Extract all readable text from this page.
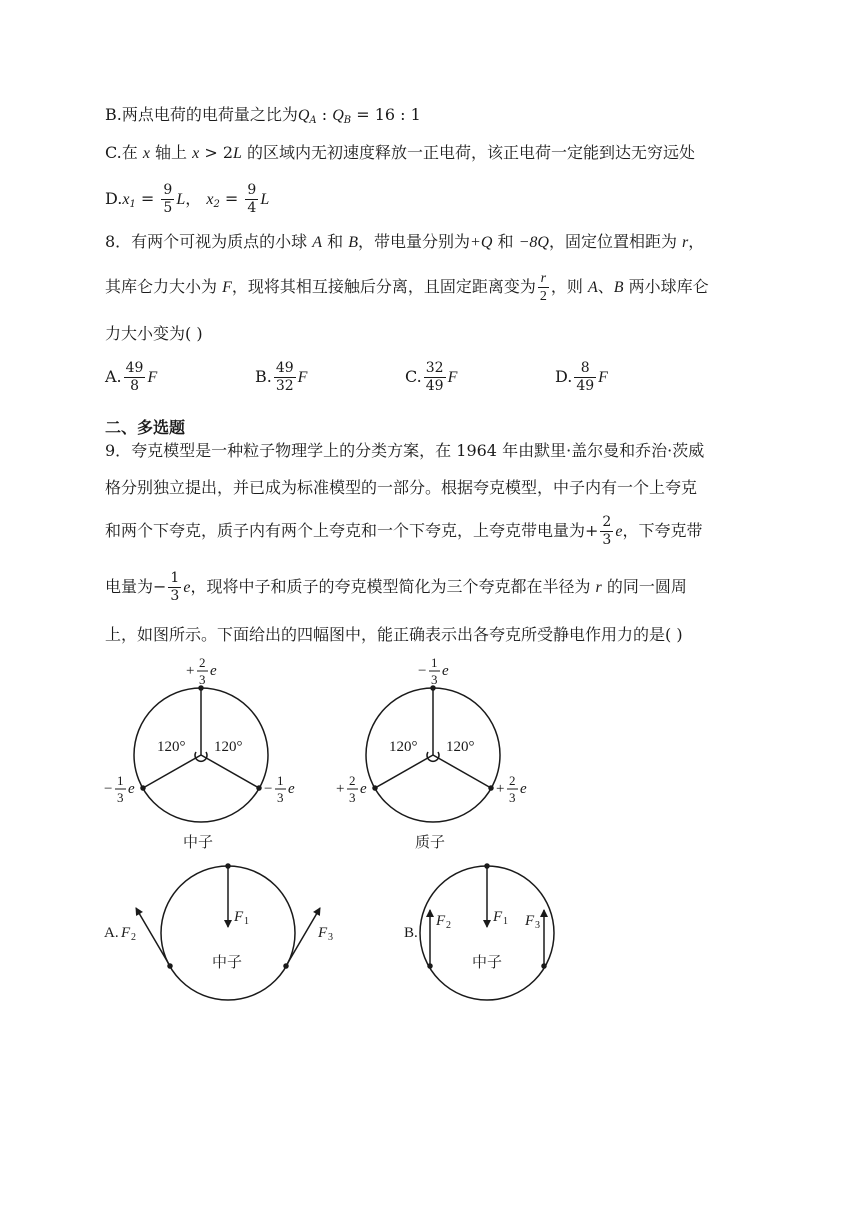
B.两点电荷的电荷量之比为$Q_A$ : $Q_B = 16$ : 1
C.在 x 轴上 x > 2L 的区域内无初速度释放一正电荷，该正电荷一定能到达无穷远处
$D.x_1 = \frac{9}{5}$ L， $x_2 = \frac{9}{4}$ L
8．有两个可视为质点的小球 A 和 B，带电量分别为+Q 和 −8Q，固定位置相距为 r，
其库仑力大小为 F，现将其相互接触后分离，且固定距离变为 $\frac{r}{2}$ ，则 A、B 两小球库仑
力大小变为( )
A. $\frac{49}{8}$ F	B. $\frac{49}{32}$ F	C. $\frac{32}{49}$ F	D. $\frac{8}{49}$ F
二、多选题
9．夸克模型是一种粒子物理学上的分类方案，在 1964 年由默里·盖尔曼和乔治·茨威
格分别独立提出，并已成为标准模型的一部分。根据夸克模型，中子内有一个上夸克
和两个下夸克，质子内有两个上夸克和一个下夸克，上夸克带电量为+ $\frac{2}{3}$ e，下夸克带
电量为− $\frac{1}{3}$ e，现将中子和质子的夸克模型简化为三个夸克都在半径为 r 的同一圆周
上，如图所示。下面给出的四幅图中，能正确表示出各夸克所受静电作用力的是( )
120° 120°
+
2
3
e
−
1
3
e	−
1
3
e
中子
120° 120°
−
1
3
e
+
2
3
e	+
2
3
e
质子
A. F 2
F 1
F 3
中子
B.
F 2
F 1 F 3
中子
